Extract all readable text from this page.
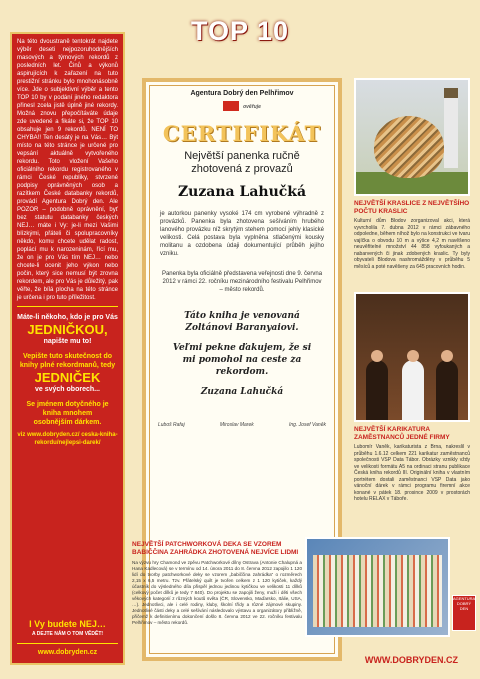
TOP 10
Na této dvoustraně tentokrát najdete výběr deseti nejpozoruhodnějších masových a týmových rekordů z posledních let. Činů a výkonů aspirujících k zařazení na tuto prestižní stránku bylo mnohonásobně více. Jde o subjektivní výběr a tento TOP 10 by v podání jiného redaktora přinesl zcela jistě úplně jiné rekordy. Možná znovu přepočítáváte údaje zde uvedené a fikáte si, že TOP 10 obsahuje jen 9 rekordů. NENÍ TO CHYBA!! Ten desátý je na Vás… Být místo na této stránce je určené pro vepsání aktuálně vytvořeného rekordu. Toto vložení Vašeho oficiálního rekordu registrovaného v rámci České republiky, stvrzené podpisy oprávněných osob a razítkem České databanky rekordů, provádí Agentura Dobrý den. Ale POZOR – podobně oprávnění, byť bez statutu databanky českých NEJ… máte i Vy: je-li mezi Vašimi blízkými, přáteli či spolupracovníky někdo, komu chcete udělat radost, poplácí mu k narozeninám, řící mu, že on je pro Vás tím NEJ… nebo chcete-li ocenit jeho výkon nebo počin, který sice nemusí být zrovna rekordem, ale pro Vás je důležitý, pak věřte, že bílá plocha na této stránce je určena i pro tuto příležitost.
Máte-li někoho, kdo je pro Vás
JEDNIČKOU,
napište mu to!
Vepište tuto skutečnost do knihy plné rekordmanů, tedy
JEDNIČEK
ve svých oborech...
Se jménem dotyčného je kniha mnohem
osobnějším dárkem.
viz www.dobryden.cz/ ceska-kniha-rekordu/nejlepsi-darek/
I Vy budete NEJ…
A DEJTE NÁM O TOM VĚDĚT!
www.dobryden.cz
Agentura Dobrý den Pelhřimov
ověřuje
CERTIFIKÁT
Největší panenka ručně
zhotovená z provazů
Zuzana Lahučká
je autorkou panenky vysoké 174 cm vyrobené výhradně z provázků. Panenka byla zhotovena sešíváním hrubého lanového provázku níž skrytým stehem pomocí jehly klasické velikosti. Celá postava byla vyplněna stlačenými kousky molitanu a ozdobena údaji dokumentující průběh jejího vzniku.
Panenka byla oficiálně představena veřejnosti dne 9. června 2012 v rámci 22. ročníku mezinárodního festivalu Pelhřimov – město rekordů.
Táto kniha je venovaná
Zoltánovi Baranyaiovi.
Veľmi pekne ďakujem, že si
mi pomohol na ceste za
rekordom.
Zuzana Lahučká
Luboš Rafaj	Miroslav Marek	Ing. Josef Vaněk
NEJVĚTŠÍ KRASLICE Z NEJVĚTŠÍHO POČTU KRASLIC
Kulturní dům Blodov zorganizoval akci, která vyvrcholila 7. dubna 2012 v rámci zábavného odpoledne, během níhož bylo na konstrukci ve tvaru vajíčka o obvodu 10 m a výšce 4,2 m navěšeno neuvěřitelné množství 44 858 vyfoukaných a nabarvených či jinak zdobených kraslic. Ty byly obyvateli Blodova nashromážděny v průběhu 5 měsíců a poté navěšeny za 645 pracovních hodin.
NEJVĚTŠÍ KARIKATURA ZAMĚSTNANCŮ JEDNÉ FIRMY
Lubomír Vaněk, karikaturista z Brna, nakreslil v průběhu 1.6.12 celkem 221 karikatur zaměstnanců společnosti VSP Data Tábor. Obrázky vznikly vždy ve velikosti formátu A5 na ordinaci stranu publikace Česká kniha rekordů III. Originální kniha v vlastním portrétem dostali zaměstnanci VSP Data jako vánoční dárek v rámci programu firemní akce konané v pátek 18. prosince 2009 v prostorách hotelu RELAX v Táboře.
NEJVĚTŠÍ PATCHWORKOVÁ DEKA SE VZOREM BABIČČINA ZAHRÁDKA ZHOTOVENÁ NEJVÍCE LIDMI
Na výzvu hry Chamond ve zpěvu Patchworkové dílny Ostrava (Antonie Chalupná a Hana Kadlecová) se v termínu od 14. února 2011 do 8. června 2012 zapojilo 1 120 lidí do tvorby patchworkové deky se vzorem „babiččina zahrádka“ o rozměrech 2,15 x 6,5 metru. Tzv. Přátelský quilt je tvořen celkem z 1 120 kytiček, každý účastník do výsledného díla přispěl jednou jedinou kytičkou ve velikosti 11 dílků (celkový počet dílků je tedy 7 840). Do projektu se zapojili ženy, muži i děti všech věkových kategorií z různých koutů světa (ČR, Slovensko, Maďarsko, Itálie, USA, …). Jednotlivci, ale i celé rodiny, kluby, školní třídy a různé zájmové skupiny. Jednotlivé části deky a celé sešívání následovalo výstavu a organizátory přibližně, přičemž k definitivnímu dokončení došlo 8. června 2012 ve 22. ročníku festivalu Pelhřimov – město rekordů.
AGENTURA DOBRÝ DEN
WWW.DOBRYDEN.CZ
